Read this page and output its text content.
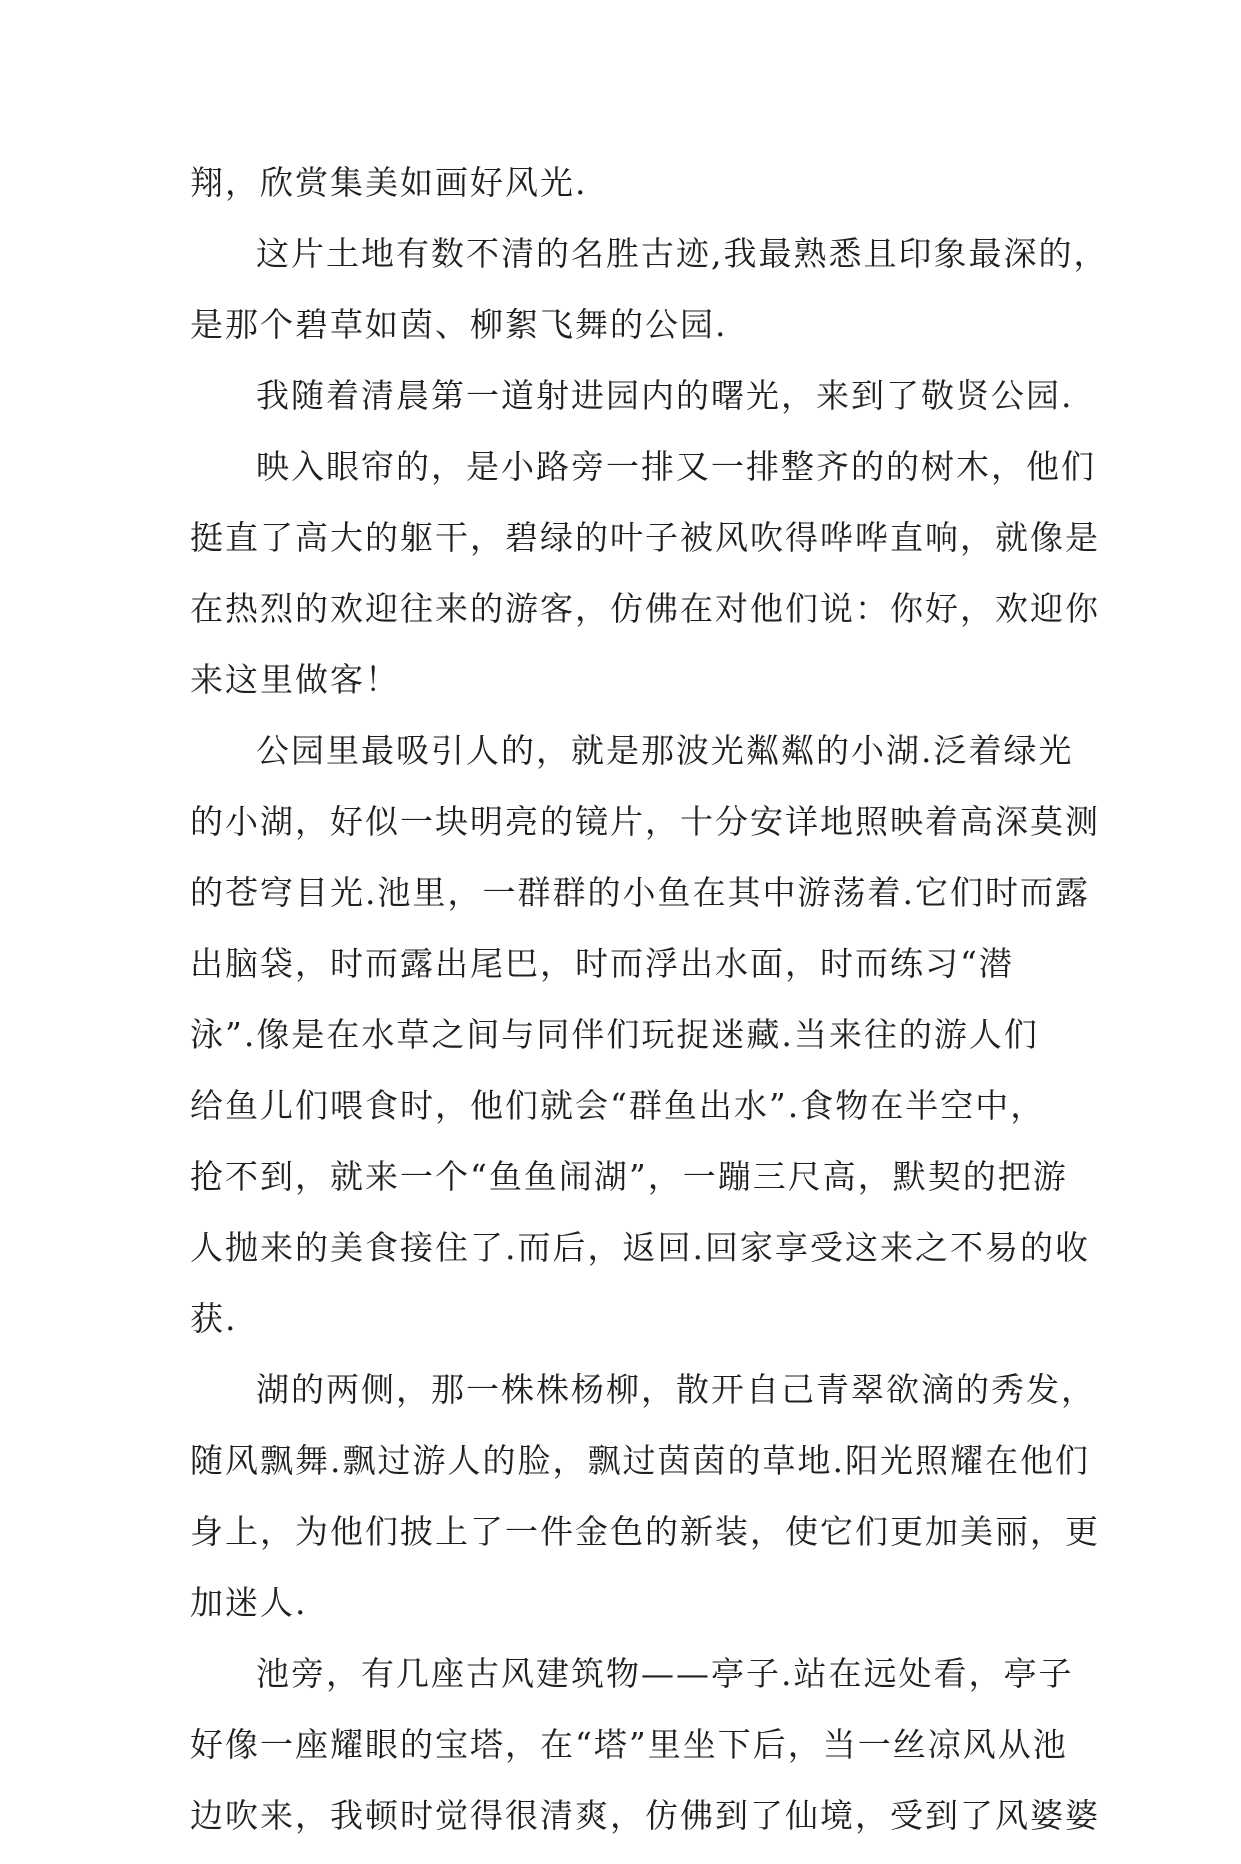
翔，欣赏集美如画好风光.
这片土地有数不清的名胜古迹,我最熟悉且印象最深的，
是那个碧草如茵、柳絮飞舞的公园.
我随着清晨第一道射进园内的曙光，来到了敬贤公园.
映入眼帘的，是小路旁一排又一排整齐的的树木，他们
挺直了高大的躯干，碧绿的叶子被风吹得哗哗直响，就像是
在热烈的欢迎往来的游客，仿佛在对他们说：你好，欢迎你
来这里做客！
公园里最吸引人的，就是那波光粼粼的小湖.泛着绿光
的小湖，好似一块明亮的镜片，十分安详地照映着高深莫测
的苍穹目光.池里，一群群的小鱼在其中游荡着.它们时而露
出脑袋，时而露出尾巴，时而浮出水面，时而练习“潜
泳”.像是在水草之间与同伴们玩捉迷藏.当来往的游人们
给鱼儿们喂食时，他们就会“群鱼出水”.食物在半空中，
抢不到，就来一个“鱼鱼闹湖”，一蹦三尺高，默契的把游
人抛来的美食接住了.而后，返回.回家享受这来之不易的收
获.
湖的两侧，那一株株杨柳，散开自己青翠欲滴的秀发，
随风飘舞.飘过游人的脸，飘过茵茵的草地.阳光照耀在他们
身上，为他们披上了一件金色的新装，使它们更加美丽，更
加迷人.
池旁，有几座古风建筑物——亭子.站在远处看，亭子
好像一座耀眼的宝塔，在“塔”里坐下后，当一丝凉风从池
边吹来，我顿时觉得很清爽，仿佛到了仙境，受到了风婆婆
